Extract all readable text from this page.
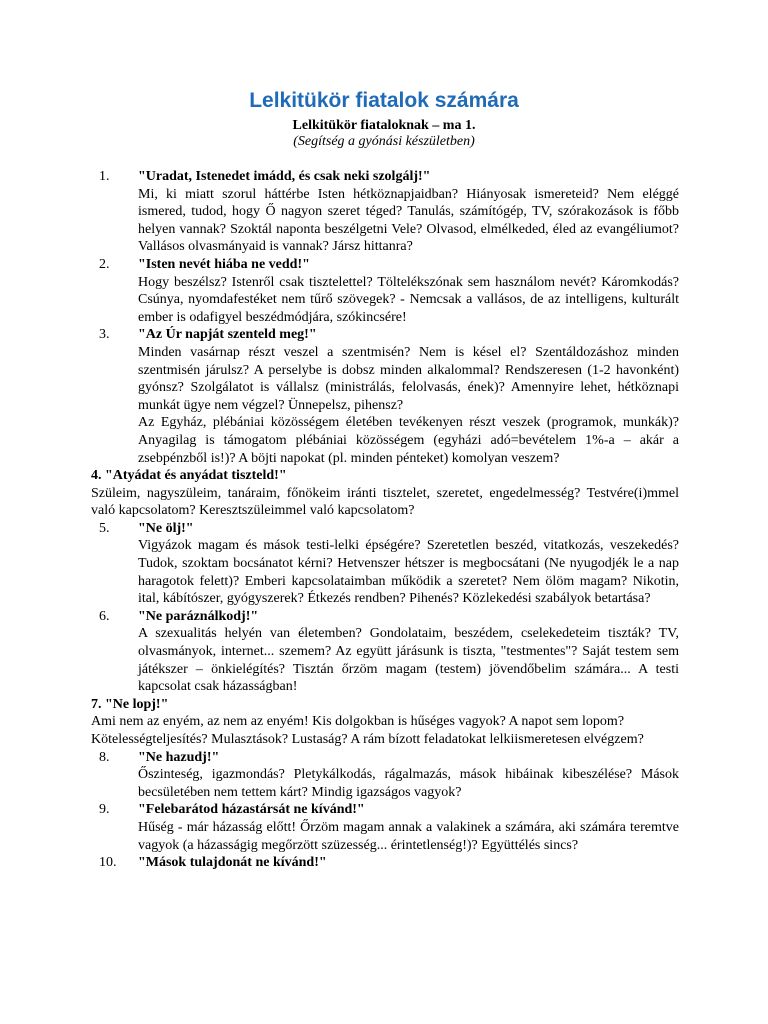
Lelkitükör fiatalok számára
Lelkitükör fiataloknak – ma 1.
(Segítség a gyónási készületben)
1.	"Uradat, Istenedet imádd, és csak neki szolgálj!"
Mi, ki miatt szorul háttérbe Isten hétköznapjaidban? Hiányosak ismereteid? Nem eléggé ismered, tudod, hogy Ő nagyon szeret téged? Tanulás, számítógép, TV, szórakozások is főbb helyen vannak? Szoktál naponta beszélgetni Vele? Olvasod, elmélkeded, éled az evangéliumot? Vallásos olvasmányaid is vannak? Jársz hittanra?
2.	"Isten nevét hiába ne vedd!"
Hogy beszélsz? Istenről csak tisztelettel? Töltelékszónak sem használom nevét? Káromkodás? Csúnya, nyomdafestéket nem tűrő szövegek? - Nemcsak a vallásos, de az intelligens, kulturált ember is odafigyel beszédmódjára, szókincsére!
3.	"Az Úr napját szenteld meg!"
Minden vasárnap részt veszel a szentmisén? Nem is késel el? Szentáldozáshoz minden szentmisén járulsz? A perselybe is dobsz minden alkalommal? Rendszeresen (1-2 havonként) gyónsz? Szolgálatot is vállalsz (ministrálás, felolvasás, ének)? Amennyire lehet, hétköznapi munkát ügye nem végzel? Ünnepelsz, pihensz?
Az Egyház, plébániai közösségem életében tevékenyen részt veszek (programok, munkák)? Anyagilag is támogatom plébániai közösségem (egyházi adó=bevételem 1%-a – akár a zsebpénzből is!)? A böjti napokat (pl. minden pénteket) komolyan veszem?
4. "Atyádat és anyádat tiszteld!"
Szüleim, nagyszüleim, tanáraim, főnökeim iránti tisztelet, szeretet, engedelmesség? Testvére(i)mmel való kapcsolatom? Keresztszüleimmel való kapcsolatom?
5.	"Ne ölj!"
Vigyázok magam és mások testi-lelki épségére? Szeretetlen beszéd, vitatkozás, veszekedés? Tudok, szoktam bocsánatot kérni? Hetvenszer hétszer is megbocsátani (Ne nyugodjék le a nap haragotok felett)? Emberi kapcsolataimban működik a szeretet? Nem ölöm magam? Nikotin, ital, kábítószer, gyógyszerek? Étkezés rendben? Pihenés? Közlekedési szabályok betartása?
6.	"Ne paráználkodj!"
A szexualitás helyén van életemben? Gondolataim, beszédem, cselekedeteim tiszták? TV, olvasmányok, internet... szemem? Az együtt járásunk is tiszta, "testmentes"? Saját testem sem játékszer – önkielégítés? Tisztán őrzöm magam (testem) jövendőbelim számára... A testi kapcsolat csak házasságban!
7. "Ne lopj!"
Ami nem az enyém, az nem az enyém! Kis dolgokban is hűséges vagyok? A napot sem lopom?
Kötelességteljesítés? Mulasztások? Lustaság? A rám bízott feladatokat lelkiismeretesen elvégzem?
8.	"Ne hazudj!"
Őszinteség, igazmondás? Pletykálkodás, rágalmazás, mások hibáinak kibeszélése? Mások becsületében nem tettem kárt? Mindig igazságos vagyok?
9.	"Felebarátod házastársát ne kívánd!"
Hűség - már házasság előtt! Őrzöm magam annak a valakinek a számára, aki számára teremtve vagyok (a házasságig megőrzött szüzesség... érintetlenség!)? Együttélés sincs?
10.	"Mások tulajdonát ne kívánd!"
